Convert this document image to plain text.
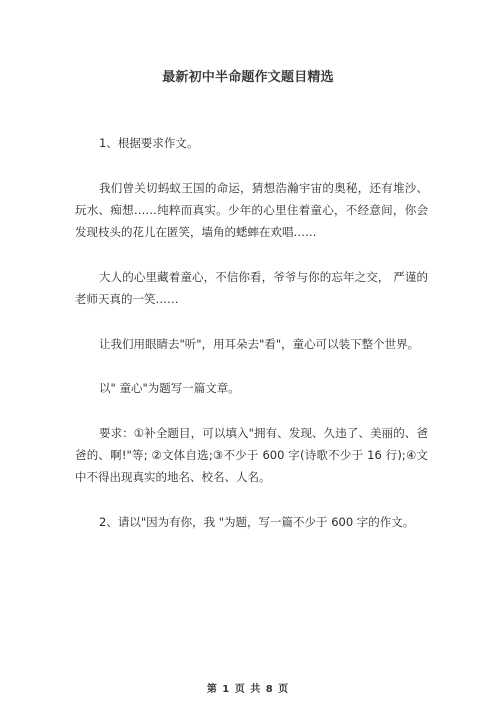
最新初中半命题作文题目精选

1、根据要求作文。

我们曾关切蚂蚁王国的命运，猜想浩瀚宇宙的奥秘，还有堆沙、玩水、痴想……纯粹而真实。少年的心里住着童心，不经意间，你会发现枝头的花儿在匿笑，墙角的蟋蟀在欢唱……

大人的心里藏着童心，不信你看，爷爷与你的忘年之交， 严谨的老师天真的一笑……

让我们用眼睛去"听"，用耳朵去"看"，童心可以装下整个世界。

以" 童心"为题写一篇文章。

要求：①补全题目，可以填入"拥有、发现、久违了、美丽的、爸爸的、啊!"等; ②文体自选;③不少于 600 字(诗歌不少于 16 行);④文中不得出现真实的地名、校名、人名。

2、请以"因为有你，我 "为题，写一篇不少于 600 字的作文。

第 1 页 共 8 页
